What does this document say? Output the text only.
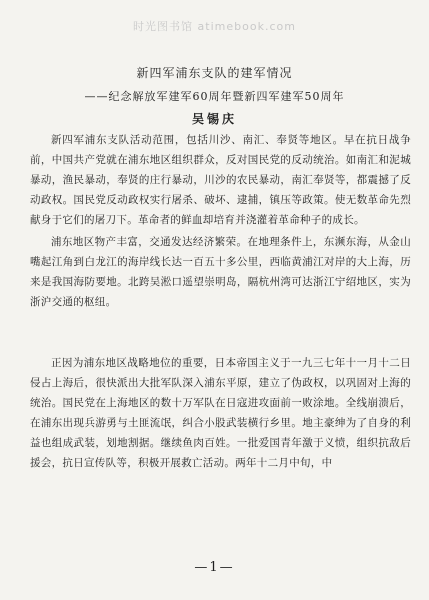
时光图书馆 atimebook.com
新四军浦东支队的建军情况
——纪念解放军建军60周年暨新四军建军50周年
吴锡庆
新四军浦东支队活动范围，包括川沙、南汇、奉贤等地区。早在抗日战争前，中国共产党就在浦东地区组织群众，反对国民党的反动统治。如南汇和泥城暴动，渔民暴动，奉贤的庄行暴动，川沙的农民暴动，南汇奉贤等，都震撼了反动政权。国民党反动政权实行屠杀、破坏、逮捕，镇压等政策。使无数革命先烈献身于它们的屠刀下。革命者的鲜血却培育并浇灌着革命种子的成长。
浦东地区物产丰富，交通发达经济繁荣。在地理条件上，东濒东海，从金山嘴起江角到白龙江的海岸线长达一百五十多公里，西临黄浦江对岸的大上海，历来是我国海防要地。北跨吴淞口遥望崇明岛，隔杭州湾可达浙江宁绍地区，实为浙沪交通的枢纽。
正因为浦东地区战略地位的重要，日本帝国主义于一九三七年十一月十二日侵占上海后，很快派出大批军队深入浦东平原，建立了伪政权，以巩固对上海的统治。国民党在上海地区的数十万军队在日寇进攻面前一败涂地。全线崩溃后，在浦东出现兵游勇与土匪流氓，纠合小股武装横行乡里。地主豪绅为了自身的利益也组成武装，划地割据。继续鱼肉百姓。一批爱国青年激于义愤，组织抗敌后援会，抗日宣传队等，积极开展救亡活动。两年十二月中旬，中
—1—
